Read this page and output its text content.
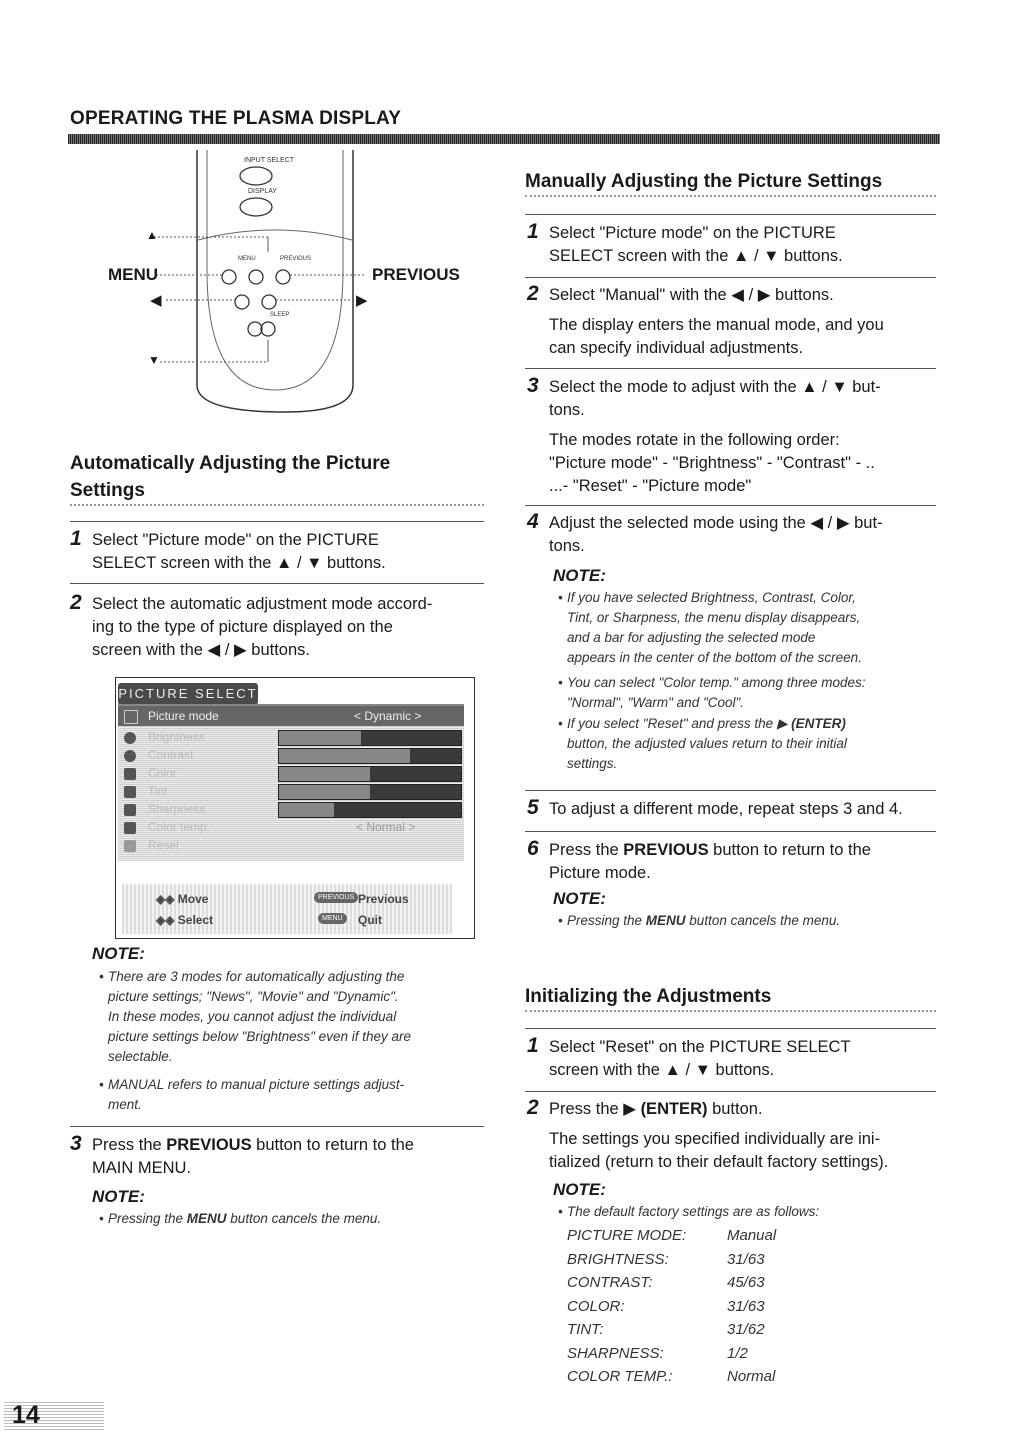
OPERATING THE PLASMA DISPLAY
INPUT SELECT
DISPLAY
MENU	PREVIOUS
SLEEP
▲
◀	▶
▼
MENU	PREVIOUS
Automatically Adjusting the Picture
Settings
1 Select "Picture mode" on the PICTURE
SELECT screen with the ▲ / ▼ buttons.
2 Select the automatic adjustment mode accord-
ing to the type of picture displayed on the
screen with the ◀ / ▶ buttons.
PICTURE SELECT
Picture mode	< Dynamic >
Brightness
Contrast
Color
Tint
Sharpness
Color temp.	< Normal >
Reset
◈◈ Move
◈◈ Select
PREVIOUS Previous
MENU	Quit
NOTE:
• There are 3 modes for automatically adjusting the
picture settings; "News", "Movie" and "Dynamic".
In these modes, you cannot adjust the individual
picture settings below "Brightness" even if they are
selectable.
• MANUAL refers to manual picture settings adjust-
ment.
3 Press the PREVIOUS button to return to the
MAIN MENU.
NOTE:
• Pressing the MENU button cancels the menu.
Manually Adjusting the Picture Settings
1 Select "Picture mode" on the PICTURE
SELECT screen with the ▲ / ▼ buttons.
2 Select "Manual" with the ◀ / ▶ buttons.
The display enters the manual mode, and you
can specify individual adjustments.
3 Select the mode to adjust with the ▲ / ▼ but-
tons.
The modes rotate in the following order:
"Picture mode" - "Brightness" - "Contrast" - ..
...- "Reset" - "Picture mode"
4 Adjust the selected mode using the ◀ / ▶ but-
tons.
NOTE:
• If you have selected Brightness, Contrast, Color,
Tint, or Sharpness, the menu display disappears,
and a bar for adjusting the selected mode
appears in the center of the bottom of the screen.
• You can select "Color temp." among three modes:
"Normal", "Warm" and "Cool".
• If you select "Reset" and press the ▶ (ENTER)
button, the adjusted values return to their initial
settings.
5 To adjust a different mode, repeat steps 3 and 4.
6 Press the PREVIOUS button to return to the
Picture mode.
NOTE:
• Pressing the MENU button cancels the menu.
Initializing the Adjustments
1 Select "Reset" on the PICTURE SELECT
screen with the ▲ / ▼ buttons.
2 Press the ▶ (ENTER) button.
The settings you specified individually are ini-
tialized (return to their default factory settings).
NOTE:
• The default factory settings are as follows:
PICTURE MODE:	Manual
BRIGHTNESS:	31/63
CONTRAST:	45/63
COLOR:	31/63
TINT:	31/62
SHARPNESS:	1/2
COLOR TEMP.:	Normal
14
